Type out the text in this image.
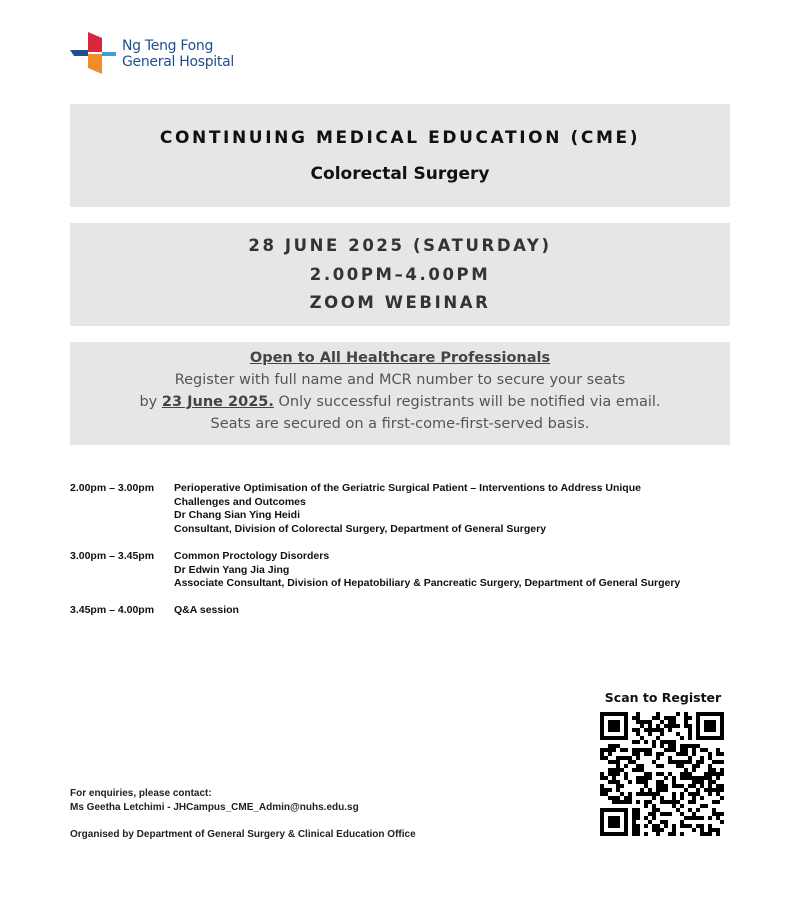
Ng Teng Fong
General Hospital
CONTINUING MEDICAL EDUCATION (CME)
Colorectal Surgery
28 JUNE 2025 (SATURDAY)
2.00PM–4.00PM
ZOOM WEBINAR
Open to All Healthcare Professionals
Register with full name and MCR number to secure your seats
by 23 June 2025. Only successful registrants will be notified via email.
Seats are secured on a first-come-first-served basis.
2.00pm – 3.00pm	Perioperative Optimisation of the Geriatric Surgical Patient – Interventions to Address Unique
Challenges and Outcomes
Dr Chang Sian Ying Heidi
Consultant, Division of Colorectal Surgery, Department of General Surgery
3.00pm – 3.45pm	Common Proctology Disorders
Dr Edwin Yang Jia Jing
Associate Consultant, Division of Hepatobiliary & Pancreatic Surgery, Department of General Surgery
3.45pm – 4.00pm	Q&A session
Scan to Register
For enquiries, please contact:
Ms Geetha Letchimi - JHCampus_CME_Admin@nuhs.edu.sg
Organised by Department of General Surgery & Clinical Education Office
